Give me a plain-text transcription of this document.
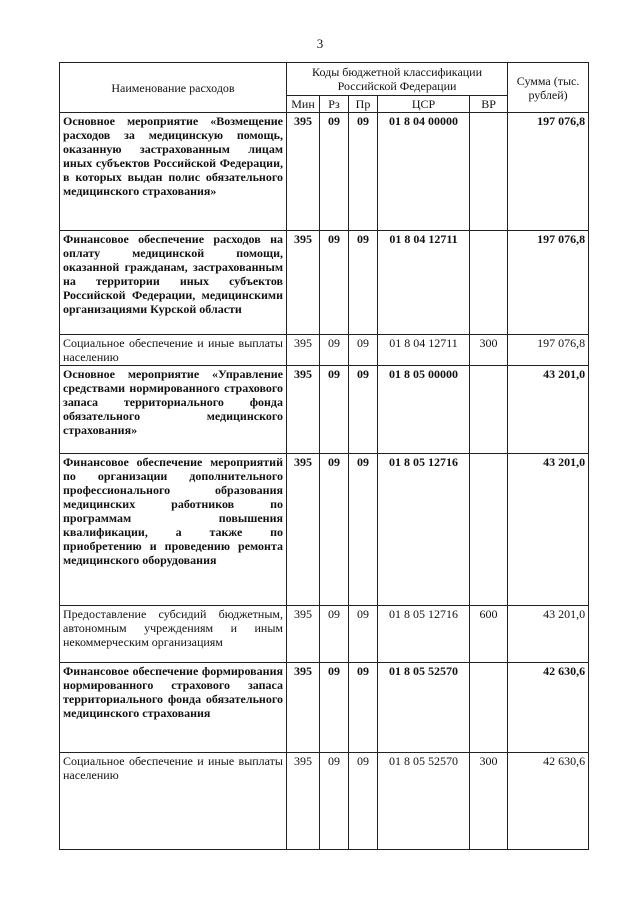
3
Наименование расходов	Коды бюджетной классификации Российской Федерации					Сумма (тыс. рублей)
	Мин	Рз	Пр	ЦСР	ВР	
Основное мероприятие «Возмещение расходов за медицинскую помощь, оказанную застрахованным лицам иных субъектов Российской Федерации, в которых выдан полис обязательного медицинского страхования»	395	09	09	01 8 04 00000		197 076,8
Финансовое обеспечение расходов на оплату медицинской помощи, оказанной гражданам, застрахованным на территории иных субъектов Российской Федерации, медицинскими организациями Курской области	395	09	09	01 8 04 12711		197 076,8
Социальное обеспечение и иные выплаты населению	395	09	09	01 8 04 12711	300	197 076,8
Основное мероприятие «Управление средствами нормированного страхового запаса территориального фонда обязательного медицинского страхования»	395	09	09	01 8 05 00000		43 201,0
Финансовое обеспечение мероприятий по организации дополнительного профессионального образования медицинских работников по программам повышения квалификации, а также по приобретению и проведению ремонта медицинского оборудования	395	09	09	01 8 05 12716		43 201,0
Предоставление субсидий бюджетным, автономным учреждениям и иным некоммерческим организациям	395	09	09	01 8 05 12716	600	43 201,0
Финансовое обеспечение формирования нормированного страхового запаса территориального фонда обязательного медицинского страхования	395	09	09	01 8 05 52570		42 630,6
Социальное обеспечение и иные выплаты населению	395	09	09	01 8 05 52570	300	42 630,6
